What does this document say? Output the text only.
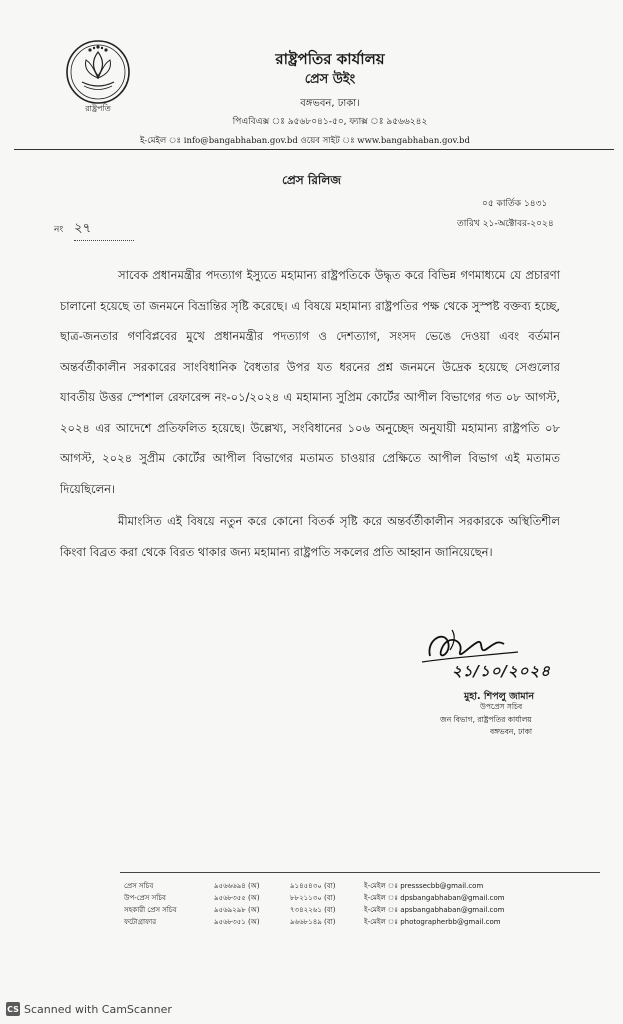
রাষ্ট্রপতি
রাষ্ট্রপতির কার্যালয়
প্রেস উইং
বঙ্গভবন, ঢাকা।
পিএবিএক্স ঃ ৯৫৬৮০৪১-৫০, ফ্যাক্স ঃ ৯৫৬৬২৪২
ই-মেইল ঃ info@bangabhaban.gov.bd ওয়েব সাইট ঃ www.bangabhaban.gov.bd
প্রেস রিলিজ
০৫ কার্তিক ১৪৩১
তারিখ ২১-অক্টোবর-২০২৪
নং ২৭

সাবেক প্রধানমন্ত্রীর পদত্যাগ ইস্যুতে মহামান্য রাষ্ট্রপতিকে উদ্ধৃত করে বিভিন্ন গণমাধ্যমে যে প্রচারণা চালানো হয়েছে তা জনমনে বিভ্রান্তির সৃষ্টি করেছে। এ বিষয়ে মহামান্য রাষ্ট্রপতির পক্ষ থেকে সুস্পষ্ট বক্তব্য হচ্ছে, ছাত্র-জনতার গণবিপ্লবের মুখে প্রধানমন্ত্রীর পদত্যাগ ও দেশত্যাগ, সংসদ ভেঙে দেওয়া এবং বর্তমান অন্তর্বর্তীকালীন সরকারের সাংবিধানিক বৈধতার উপর যত ধরনের প্রশ্ন জনমনে উদ্রেক হয়েছে সেগুলোর যাবতীয় উত্তর স্পেশাল রেফারেন্স নং-০১/২০২৪ এ মহামান্য সুপ্রিম কোর্টের আপীল বিভাগের গত ০৮ আগস্ট, ২০২৪ এর আদেশে প্রতিফলিত হয়েছে। উল্লেখ্য, সংবিধানের ১০৬ অনুচ্ছেদ অনুযায়ী মহামান্য রাষ্ট্রপতি ০৮ আগস্ট, ২০২৪ সুপ্রীম কোর্টের আপীল বিভাগের মতামত চাওয়ার প্রেক্ষিতে আপীল বিভাগ এই মতামত দিয়েছিলেন।

মীমাংসিত এই বিষয়ে নতুন করে কোনো বিতর্ক সৃষ্টি করে অন্তর্বর্তীকালীন সরকারকে অস্থিতিশীল কিংবা বিব্রত করা থেকে বিরত থাকার জন্য মহামান্য রাষ্ট্রপতি সকলের প্রতি আহ্বান জানিয়েছেন।

২১/১০/২০২৪
মুহা. শিপলু জামান
উপপ্রেস সচিব
জন বিভাগ, রাষ্ট্রপতির কার্যালয়
বঙ্গভবন, ঢাকা
প্রেস সচিব	৯৫৬৬৬৯৪ (অ)	৯১৪৫৪৩০ (বা)	ই-মেইল ঃ presssecbb@gmail.com
উপ-প্রেস সচিব	৯৫৬৮৩৫৫ (অ)	৮৮২১১৩০ (বা)	ই-মেইল ঃ dpsbangabhaban@gmail.com
সহকারী প্রেস সচিব	৯৫৬৯২৯৮ (অ)	৭৩৪২২৬১ (বা)	ই-মেইল ঃ apsbangabhaban@gmail.com
ফটোগ্রাফার	৯৫৬৮৩৫১ (অ)	৯৬৬৮১৪৯ (বা)	ই-মেইল ঃ photographerbb@gmail.com
CS Scanned with CamScanner
